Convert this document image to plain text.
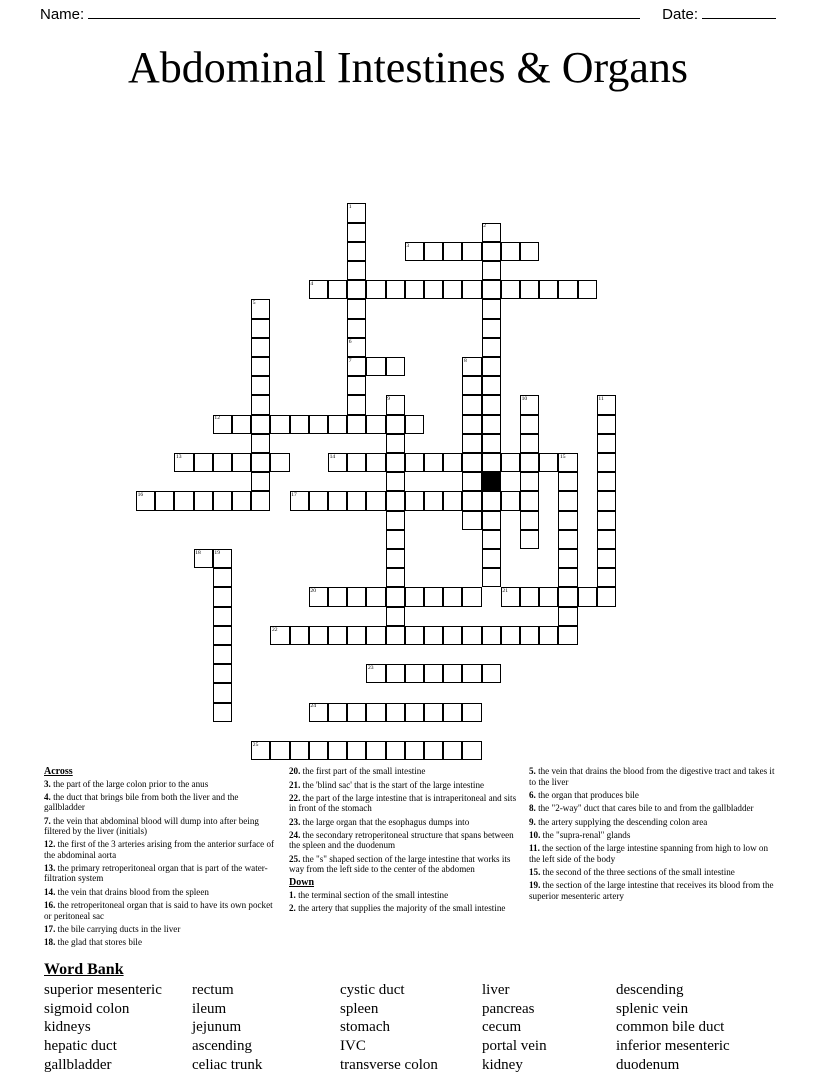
Name:	Date:
Abdominal Intestines & Organs
1
2
3
4
5
6
7	8
9	10	11
12
13	14	15
16	17
18 19
20	21
22
23
24
25
Across
3. the part of the large colon prior to the anus
4. the duct that brings bile from both the liver and the gallbladder
7. the vein that abdominal blood will dump into after being filtered by the liver (initials)
12. the first of the 3 arteries arising from the anterior surface of the abdominal aorta
13. the primary retroperitoneal organ that is part of the water-filtration system
14. the vein that drains blood from the spleen
16. the retroperitoneal organ that is said to have its own pocket or peritoneal sac
17. the bile carrying ducts in the liver
18. the glad that stores bile
20. the first part of the small intestine
21. the 'blind sac' that is the start of the large intestine
22. the part of the large intestine that is intraperitoneal and sits in front of the stomach
23. the large organ that the esophagus dumps into
24. the secondary retroperitoneal structure that spans between the spleen and the duodenum
25. the "s" shaped section of the large intestine that works its way from the left side to the center of the abdomen
Down
1. the terminal section of the small intestine
2. the artery that supplies the majority of the small intestine
5. the vein that drains the blood from the digestive tract and takes it to the liver
6. the organ that produces bile
8. the "2-way" duct that cares bile to and from the gallbladder
9. the artery supplying the descending colon area
10. the "supra-renal" glands
11. the section of the large intestine spanning from high to low on the left side of the body
15. the second of the three sections of the small intestine
19. the section of the large intestine that receives its blood from the superior mesenteric artery
Word Bank
superior mesenteric	rectum	cystic duct	liver	descending
sigmoid colon	ileum	spleen	pancreas	splenic vein
kidneys	jejunum	stomach	cecum	common bile duct
hepatic duct	ascending	IVC	portal vein	inferior mesenteric
gallbladder	celiac trunk	transverse colon	kidney	duodenum
